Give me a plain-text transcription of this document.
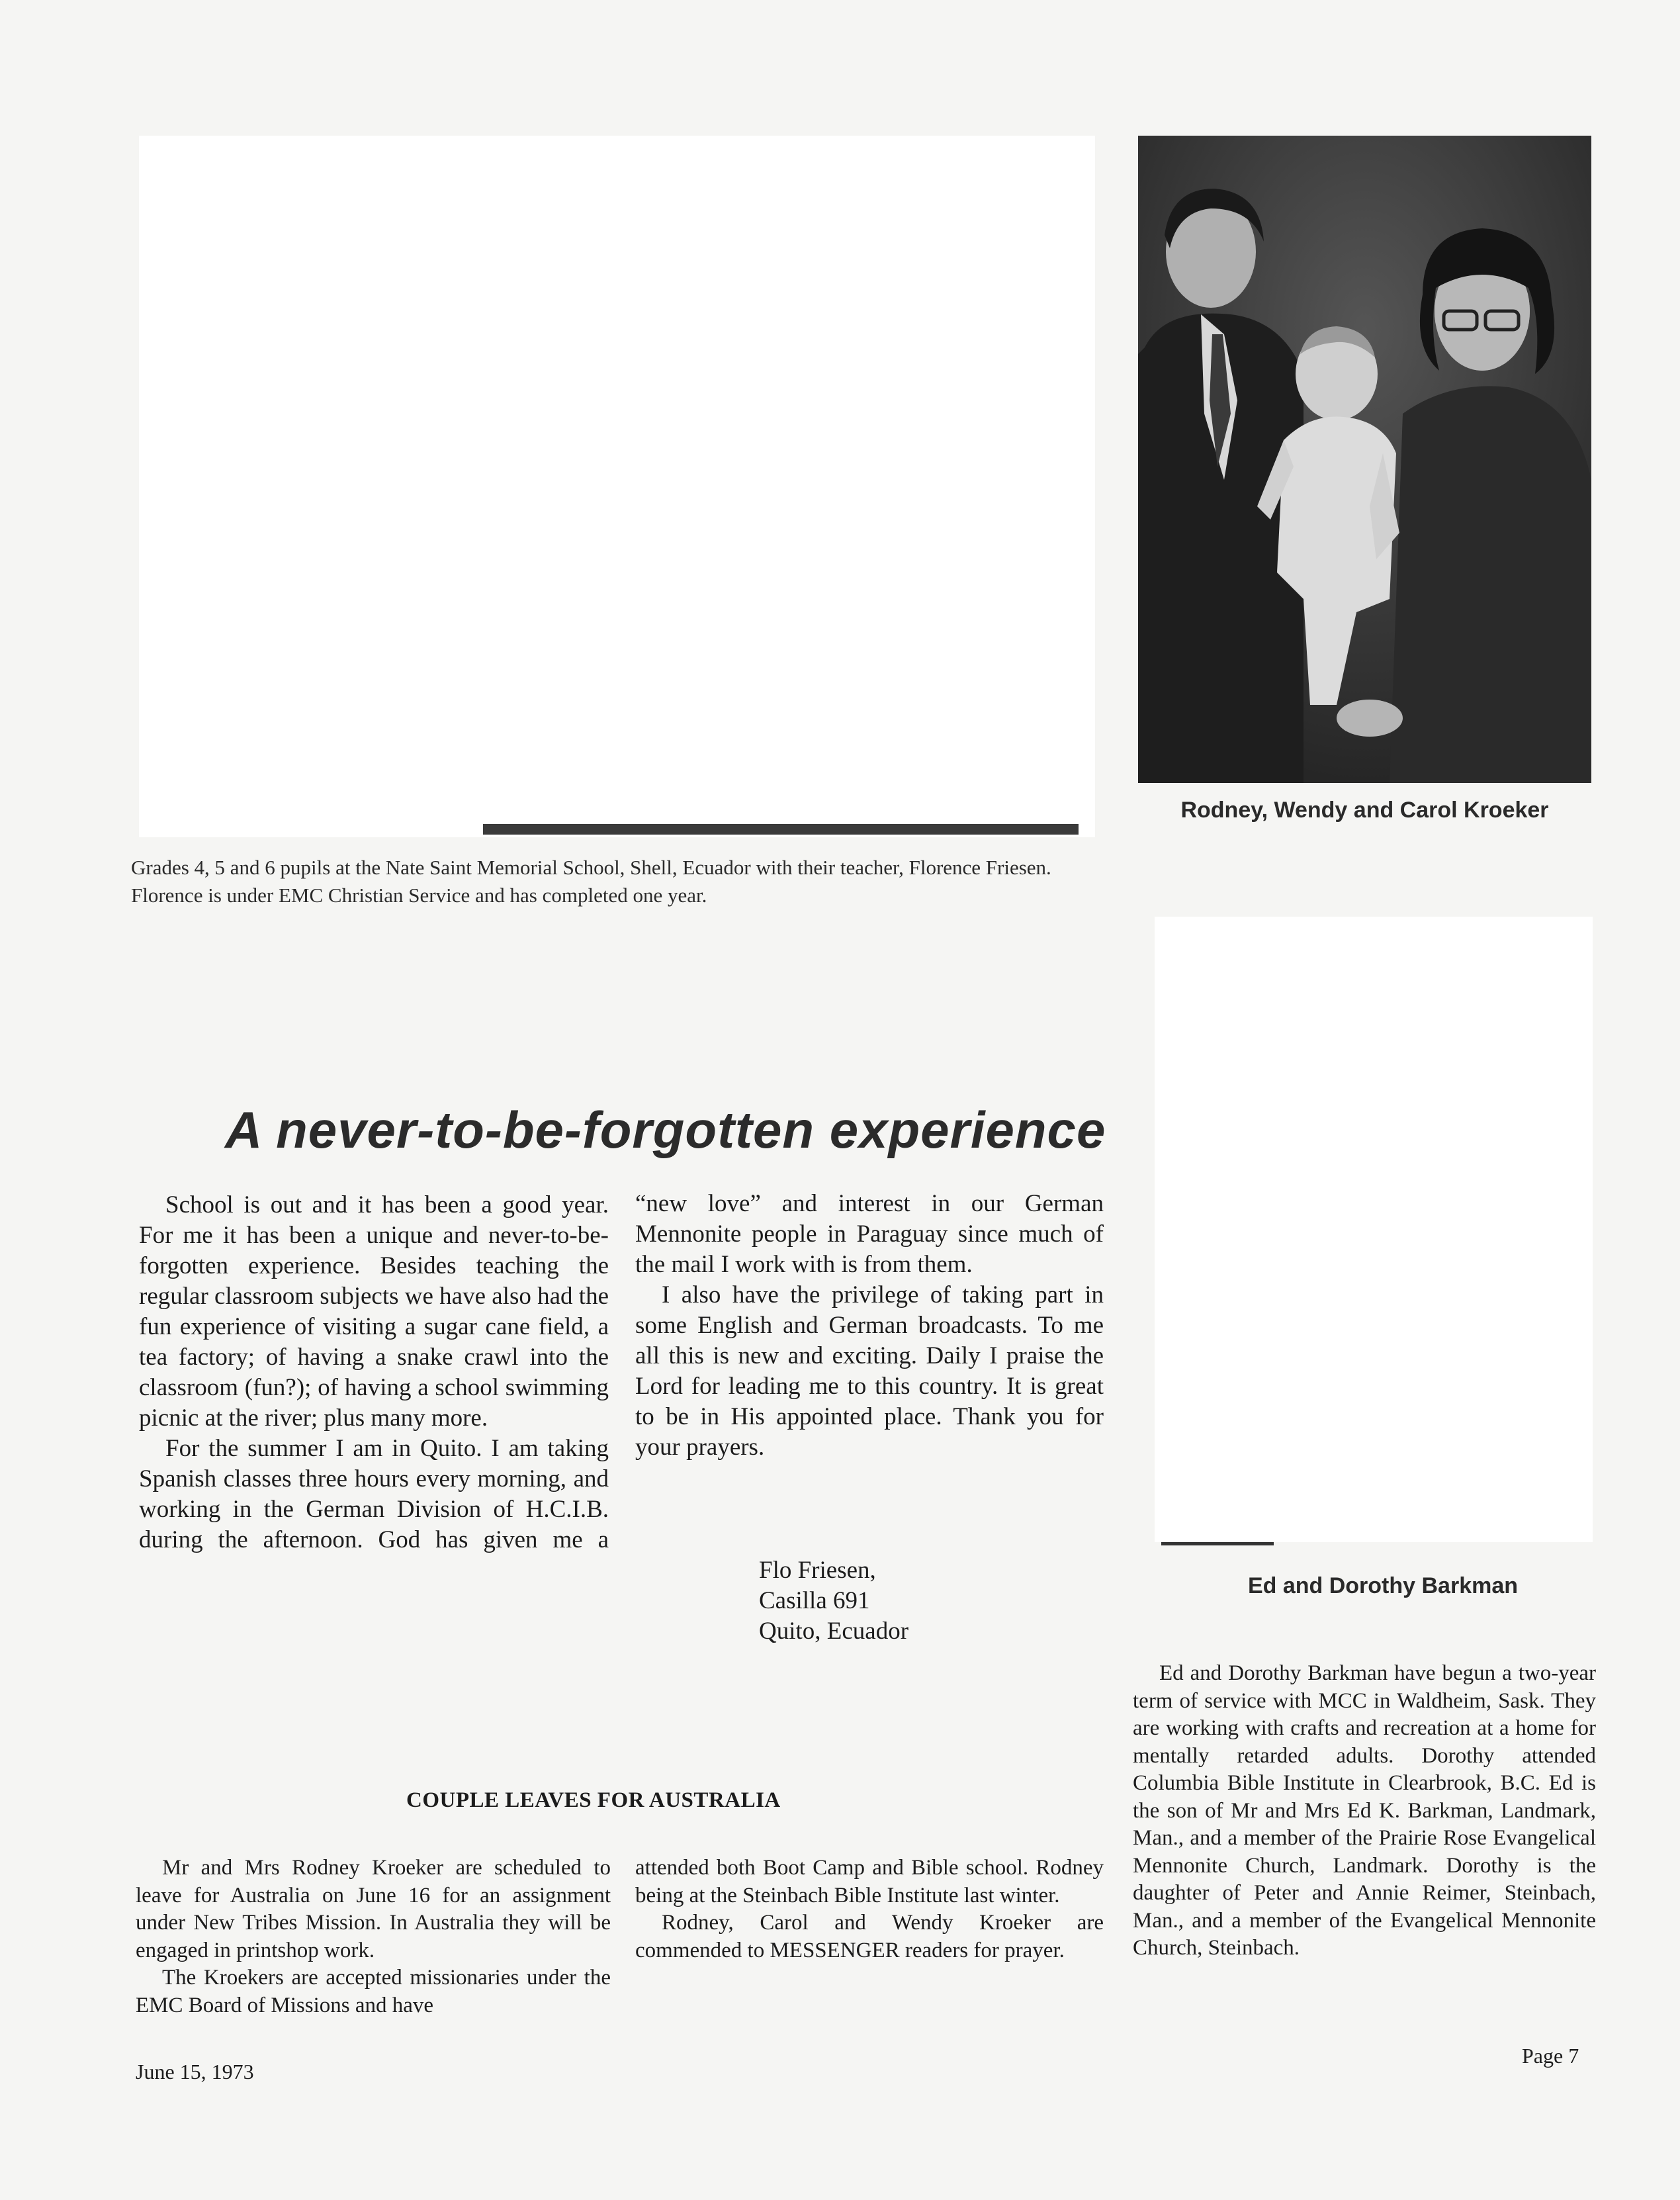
Grades 4, 5 and 6 pupils at the Nate Saint Memorial School, Shell, Ecuador with their teacher, Florence Friesen. Florence is under EMC Christian Service and has completed one year.
Rodney, Wendy and Carol Kroeker
Ed and Dorothy Barkman
A never-to-be-forgotten experience

School is out and it has been a good year. For me it has been a unique and never-to-be-forgotten experience. Besides teaching the regular classroom subjects we have also had the fun experience of visiting a sugar cane field, a tea factory; of having a snake crawl into the classroom (fun?); of having a school swimming picnic at the river; plus many more.

For the summer I am in Quito. I am taking Spanish classes three hours every morning, and working in the German Division of H.C.I.B. during the afternoon. God has given me a

“new love” and interest in our German Mennonite people in Paraguay since much of the mail I work with is from them.

I also have the privilege of taking part in some English and German broadcasts. To me all this is new and exciting. Daily I praise the Lord for leading me to this country. It is great to be in His appointed place. Thank you for your prayers.

Flo Friesen,
Casilla 691
Quito, Ecuador
COUPLE LEAVES FOR AUSTRALIA

Mr and Mrs Rodney Kroeker are scheduled to leave for Australia on June 16 for an assignment under New Tribes Mission. In Australia they will be engaged in printshop work.

The Kroekers are accepted missionaries under the EMC Board of Missions and have

attended both Boot Camp and Bible school. Rodney being at the Steinbach Bible Institute last winter.

Rodney, Carol and Wendy Kroeker are commended to MESSENGER readers for prayer.

Ed and Dorothy Barkman have begun a two-year term of service with MCC in Waldheim, Sask. They are working with crafts and recreation at a home for mentally retarded adults. Dorothy attended Columbia Bible Institute in Clearbrook, B.C. Ed is the son of Mr and Mrs Ed K. Barkman, Landmark, Man., and a member of the Prairie Rose Evangelical Mennonite Church, Landmark. Dorothy is the daughter of Peter and Annie Reimer, Steinbach, Man., and a member of the Evangelical Mennonite Church, Steinbach.

June 15, 1973
Page 7
